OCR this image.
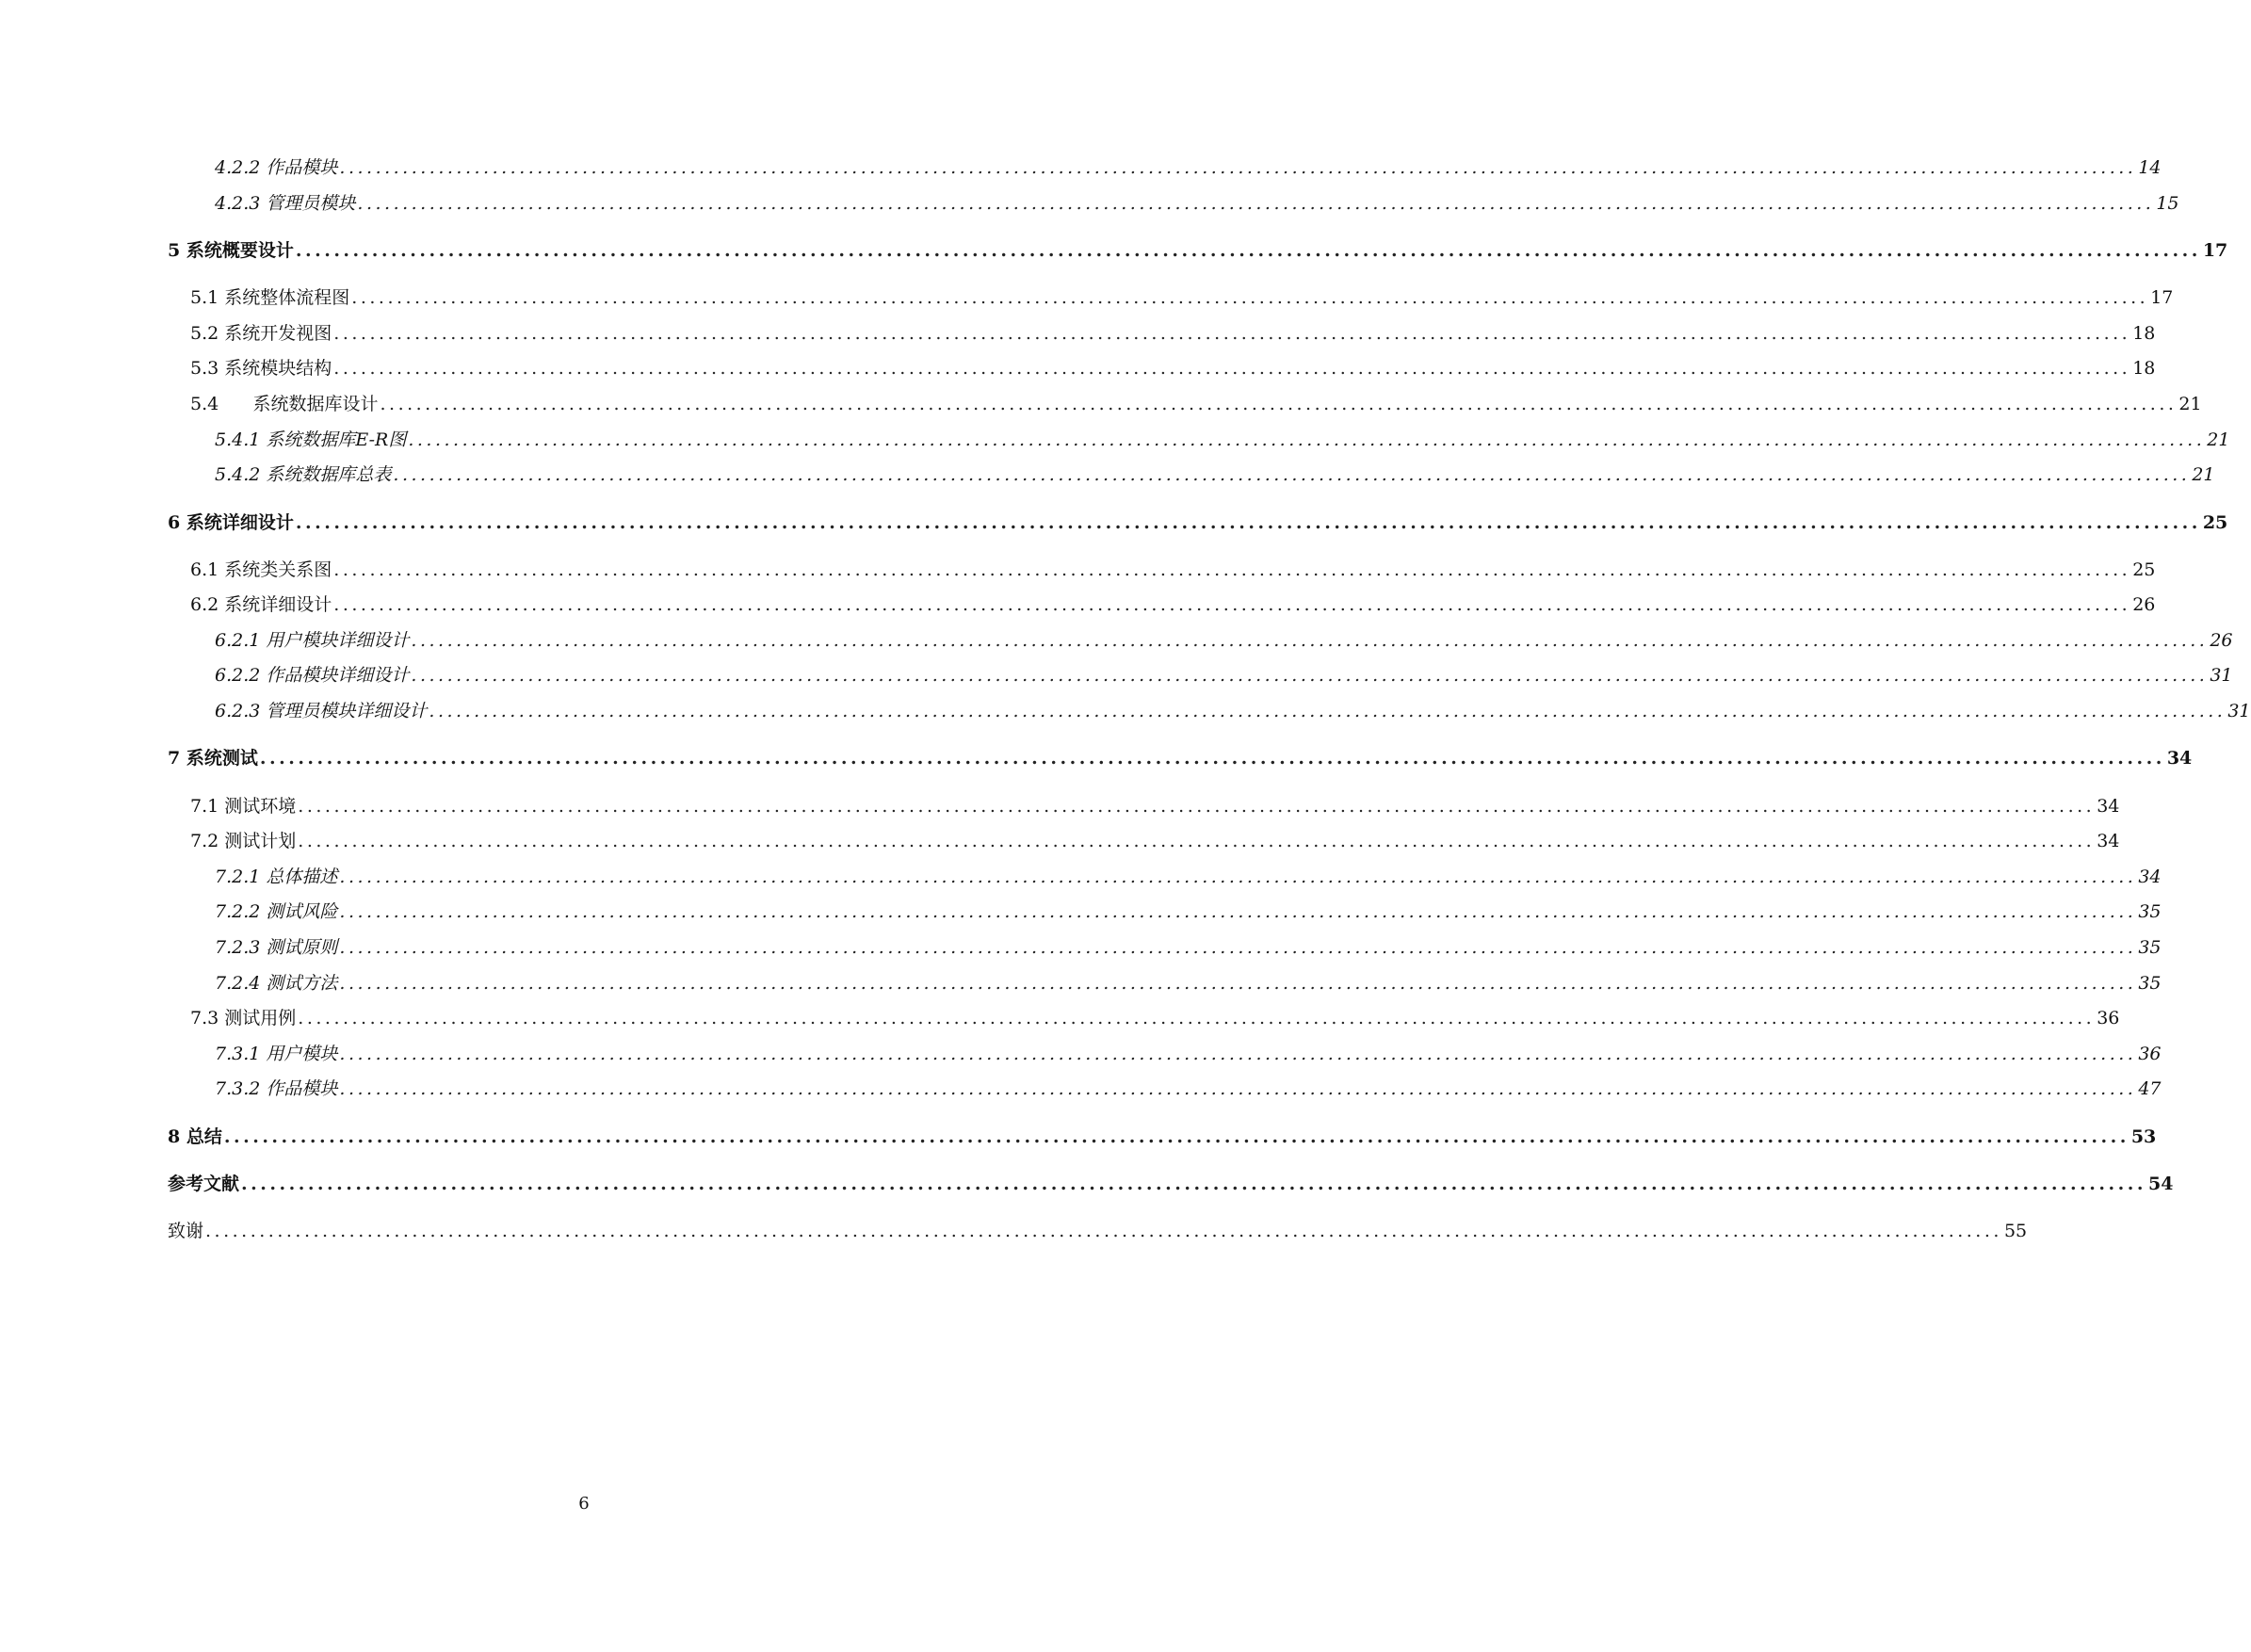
4.2.2 作品模块 ........................................................................................................................................................................................................ 14
4.2.3 管理员模块 ........................................................................................................................................................................................................ 15
5 系统概要设计 ........................................................................................................................................................................................................ 17
5.1 系统整体流程图 ........................................................................................................................................................................................................ 17
5.2 系统开发视图 ........................................................................................................................................................................................................ 18
5.3 系统模块结构 ........................................................................................................................................................................................................ 18
5.4 系统数据库设计 ........................................................................................................................................................................................................ 21
5.4.1 系统数据库E-R图 ........................................................................................................................................................................................................ 21
5.4.2 系统数据库总表 ........................................................................................................................................................................................................ 21
6 系统详细设计 ........................................................................................................................................................................................................ 25
6.1 系统类关系图 ........................................................................................................................................................................................................ 25
6.2 系统详细设计 ........................................................................................................................................................................................................ 26
6.2.1 用户模块详细设计 ........................................................................................................................................................................................................ 26
6.2.2 作品模块详细设计 ........................................................................................................................................................................................................ 31
6.2.3 管理员模块详细设计 ........................................................................................................................................................................................................ 31
7 系统测试 ........................................................................................................................................................................................................ 34
7.1 测试环境 ........................................................................................................................................................................................................ 34
7.2 测试计划 ........................................................................................................................................................................................................ 34
7.2.1 总体描述 ........................................................................................................................................................................................................ 34
7.2.2 测试风险 ........................................................................................................................................................................................................ 35
7.2.3 测试原则 ........................................................................................................................................................................................................ 35
7.2.4 测试方法 ........................................................................................................................................................................................................ 35
7.3 测试用例 ........................................................................................................................................................................................................ 36
7.3.1 用户模块 ........................................................................................................................................................................................................ 36
7.3.2 作品模块 ........................................................................................................................................................................................................ 47
8 总结 ........................................................................................................................................................................................................ 53
参考文献 ........................................................................................................................................................................................................ 54
致谢 ........................................................................................................................................................................................................ 55
6
